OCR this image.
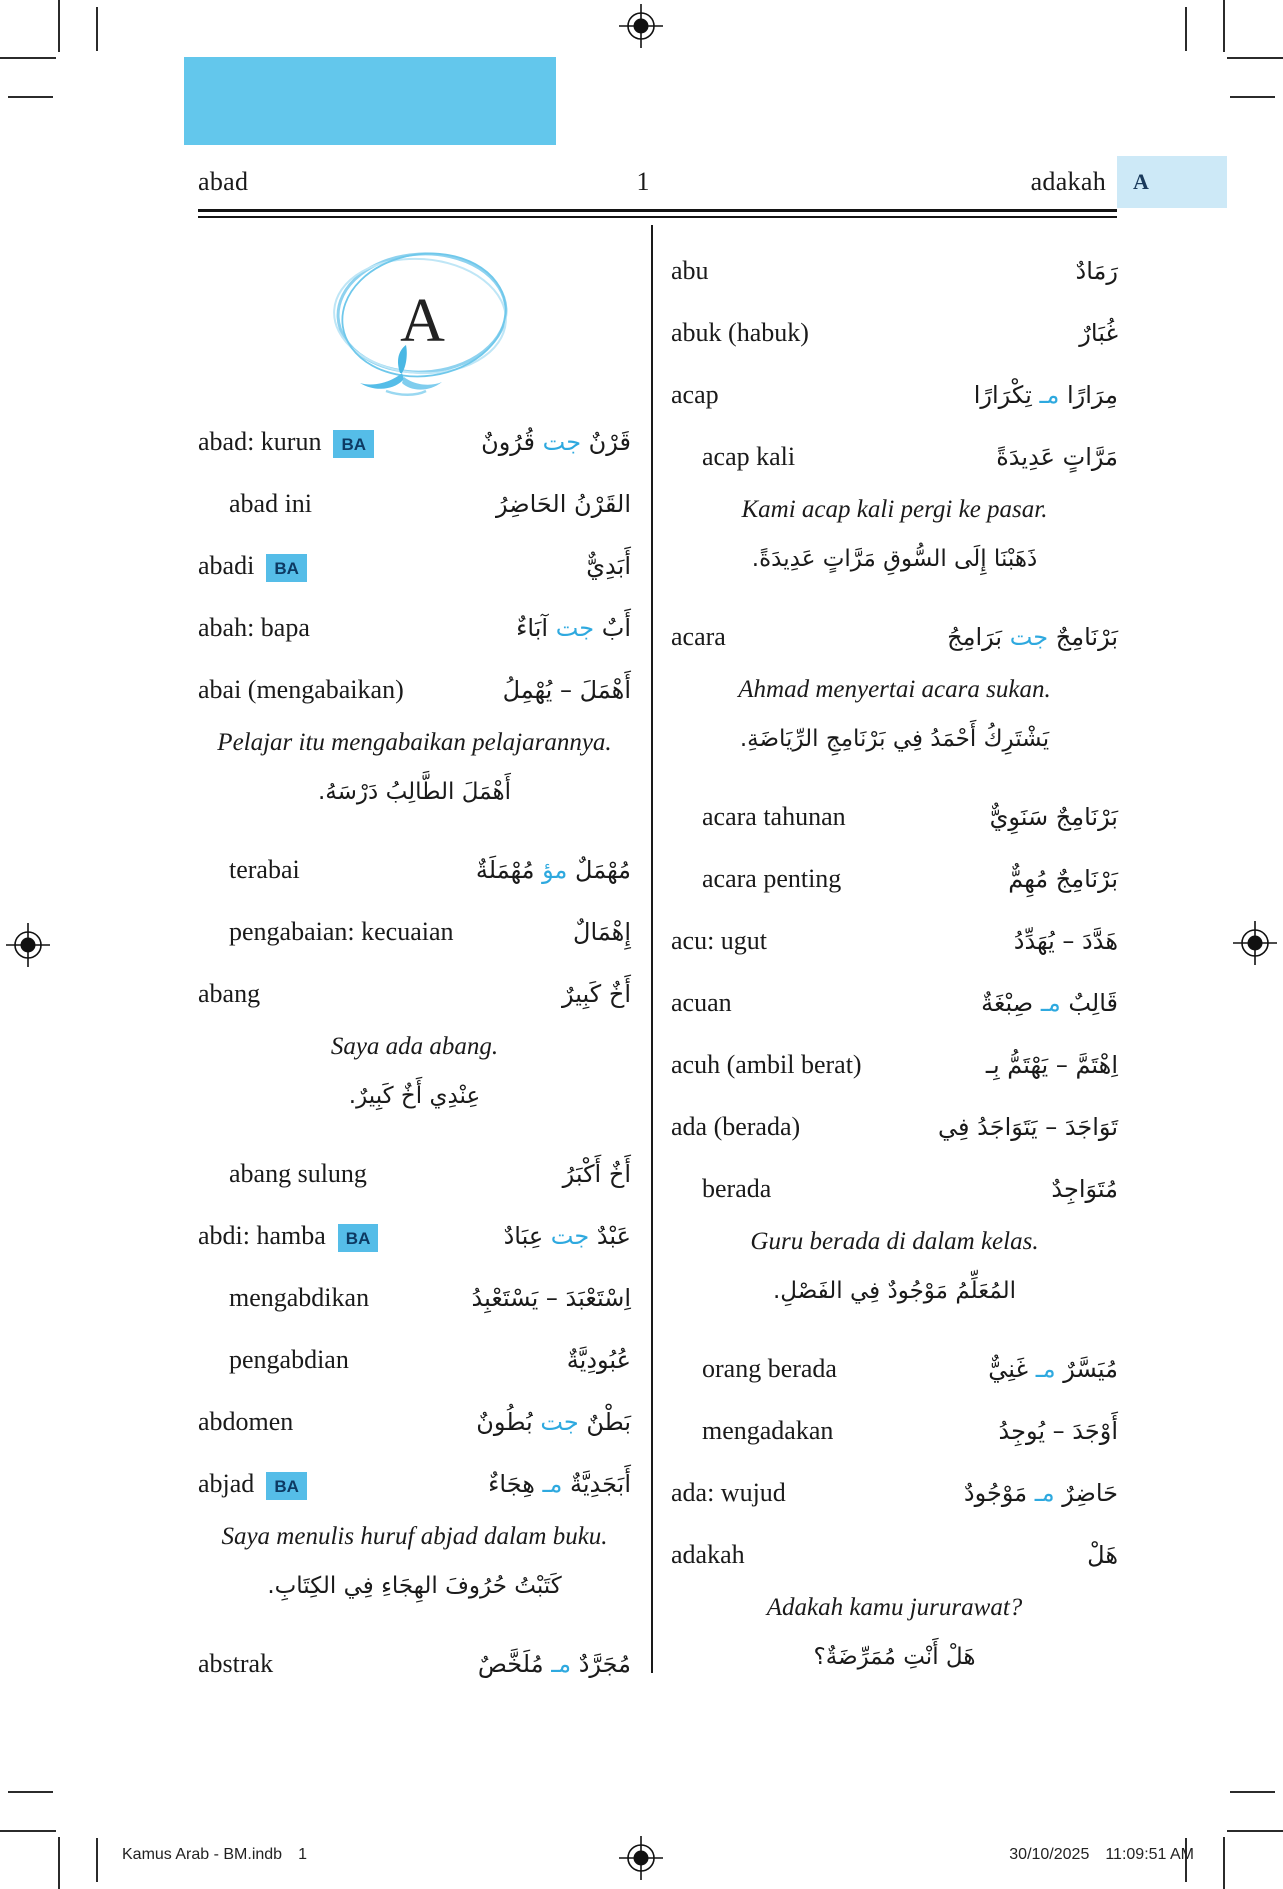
abad	1	adakah A
A
abad: kurun BA	قَرْنٌ جت قُرُونٌ
abad ini	القَرْنُ الحَاضِرُ
abadi BA	أَبَدِيٌّ
abah: bapa	أَبٌ جت آبَاءٌ
abai (mengabaikan)	أَهْمَلَ – يُهْمِلُ
Pelajar itu mengabaikan pelajarannya.
أَهْمَلَ الطَّالِبُ دَرْسَهُ.
terabai	مُهْمَلٌ مؤ مُهْمَلَةٌ
pengabaian: kecuaian	إِهْمَالٌ
abang	أَخٌ كَبِيرٌ
Saya ada abang.
عِنْدِي أَخٌ كَبِيرٌ.
abang sulung	أَخٌ أَكْبَرُ
abdi: hamba BA	عَبْدٌ جت عِبَادٌ
mengabdikan	اِسْتَعْبَدَ – يَسْتَعْبِدُ
pengabdian	عُبُودِيَّةٌ
abdomen	بَطْنٌ جت بُطُونٌ
abjad BA	أَبَجَدِيَّةٌ مـ هِجَاءٌ
Saya menulis huruf abjad dalam buku.
كَتَبْتُ حُرُوفَ الهِجَاءِ فِي الكِتَابِ.
abstrak	مُجَرَّدٌ مـ مُلَخَّصٌ
abu	رَمَادٌ
abuk (habuk)	غُبَارٌ
acap	مِرَارًا مـ تِكْرَارًا
acap kali	مَرَّاتٍ عَدِيدَةً
Kami acap kali pergi ke pasar.
ذَهَبْنَا إِلَى السُّوقِ مَرَّاتٍ عَدِيدَةً.
acara	بَرْنَامِجٌ جت بَرَامِجُ
Ahmad menyertai acara sukan.
يَشْتَرِكُ أَحْمَدُ فِي بَرْنَامِجِ الرِّيَاضَةِ.
acara tahunan	بَرْنَامِجٌ سَنَوِيٌّ
acara penting	بَرْنَامِجٌ مُهِمٌّ
acu: ugut	هَدَّدَ – يُهَدِّدُ
acuan	قَالِبٌ مـ صِبْغَةٌ
acuh (ambil berat)	اِهْتَمَّ – يَهْتَمُّ بِـ
ada (berada)	تَوَاجَدَ – يَتَوَاجَدُ فِي
berada	مُتَوَاجِدٌ
Guru berada di dalam kelas.
المُعَلِّمُ مَوْجُودٌ فِي الفَصْلِ.
orang berada	مُيَسَّرٌ مـ غَنِيٌّ
mengadakan	أَوْجَدَ – يُوجِدُ
ada: wujud	حَاضِرٌ مـ مَوْجُودٌ
adakah	هَلْ
Adakah kamu jururawat?
هَلْ أَنْتِ مُمَرِّضَةٌ؟
Kamus Arab - BM.indb 1	30/10/2025 11:09:51 AM
